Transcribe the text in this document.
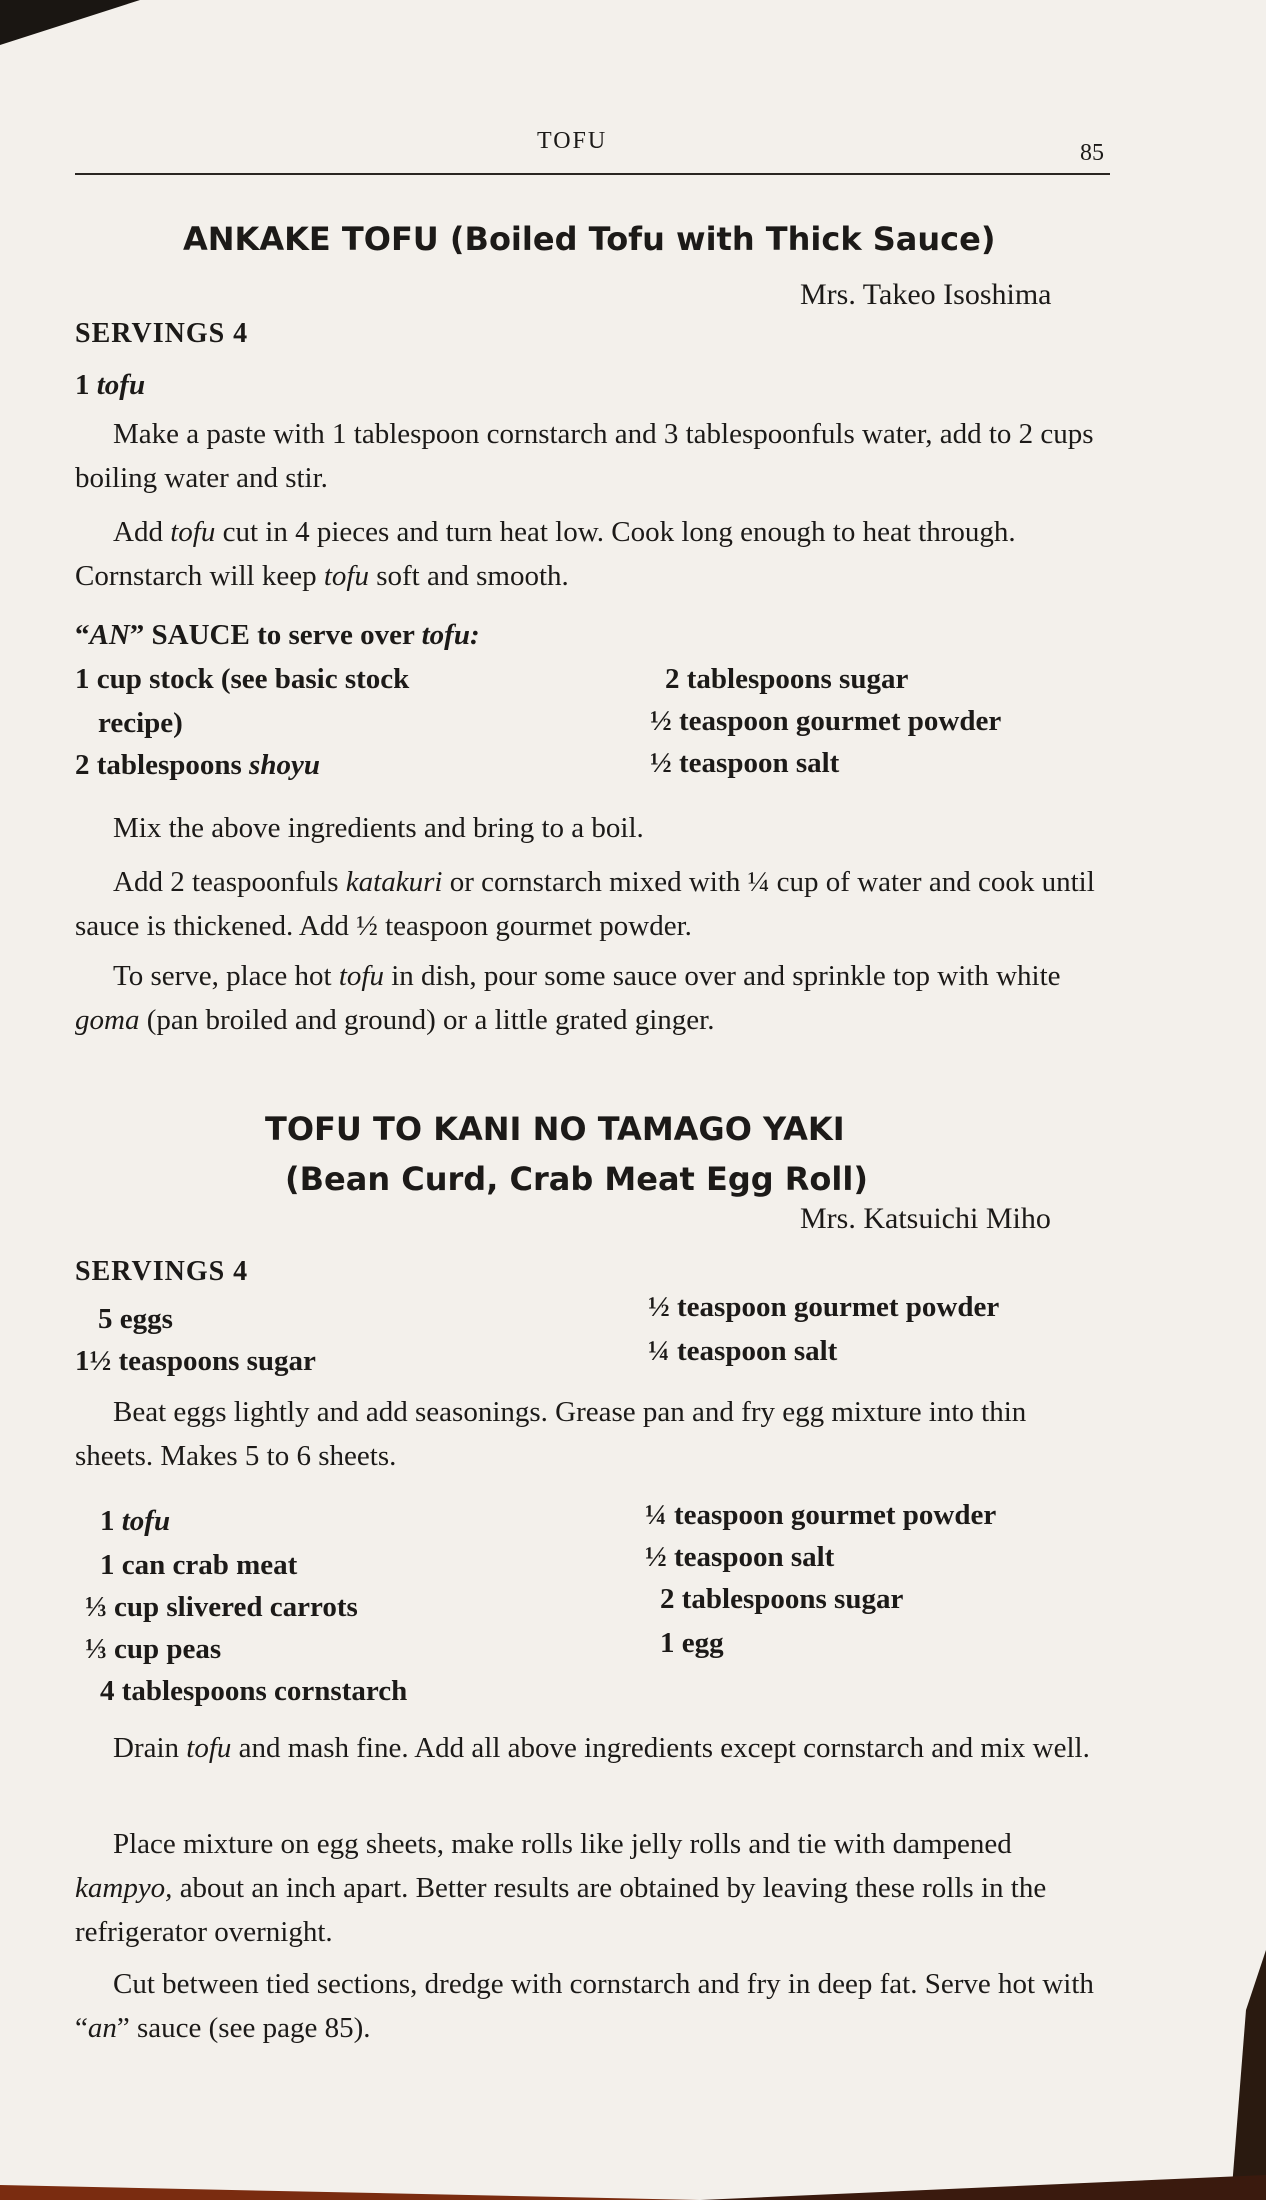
TOFU	85
ANKAKE TOFU (Boiled Tofu with Thick Sauce)
Mrs. Takeo Isoshima
SERVINGS 4
1 tofu

Make a paste with 1 tablespoon cornstarch and 3 tablespoonfuls water, add to 2 cups boiling water and stir.

Add tofu cut in 4 pieces and turn heat low. Cook long enough to heat through. Cornstarch will keep tofu soft and smooth.

“AN” SAUCE to serve over tofu:
1 cup stock (see basic stock
recipe)
2 tablespoons shoyu
2 tablespoons sugar
½ teaspoon gourmet powder
½ teaspoon salt

Mix the above ingredients and bring to a boil.

Add 2 teaspoonfuls katakuri or cornstarch mixed with ¼ cup of water and cook until sauce is thickened. Add ½ teaspoon gourmet powder.

To serve, place hot tofu in dish, pour some sauce over and sprinkle top with white goma (pan broiled and ground) or a little grated ginger.

TOFU TO KANI NO TAMAGO YAKI
(Bean Curd, Crab Meat Egg Roll)
Mrs. Katsuichi Miho
SERVINGS 4
5 eggs
1½ teaspoons sugar
½ teaspoon gourmet powder
¼ teaspoon salt

Beat eggs lightly and add seasonings. Grease pan and fry egg mixture into thin sheets. Makes 5 to 6 sheets.

1 tofu
1 can crab meat
⅓ cup slivered carrots
⅓ cup peas
4 tablespoons cornstarch
¼ teaspoon gourmet powder
½ teaspoon salt
2 tablespoons sugar
1 egg

Drain tofu and mash fine. Add all above ingredients except cornstarch and mix well.

Place mixture on egg sheets, make rolls like jelly rolls and tie with dampened kampyo, about an inch apart. Better results are obtained by leaving these rolls in the refrigerator overnight.

Cut between tied sections, dredge with cornstarch and fry in deep fat. Serve hot with “an” sauce (see page 85).
